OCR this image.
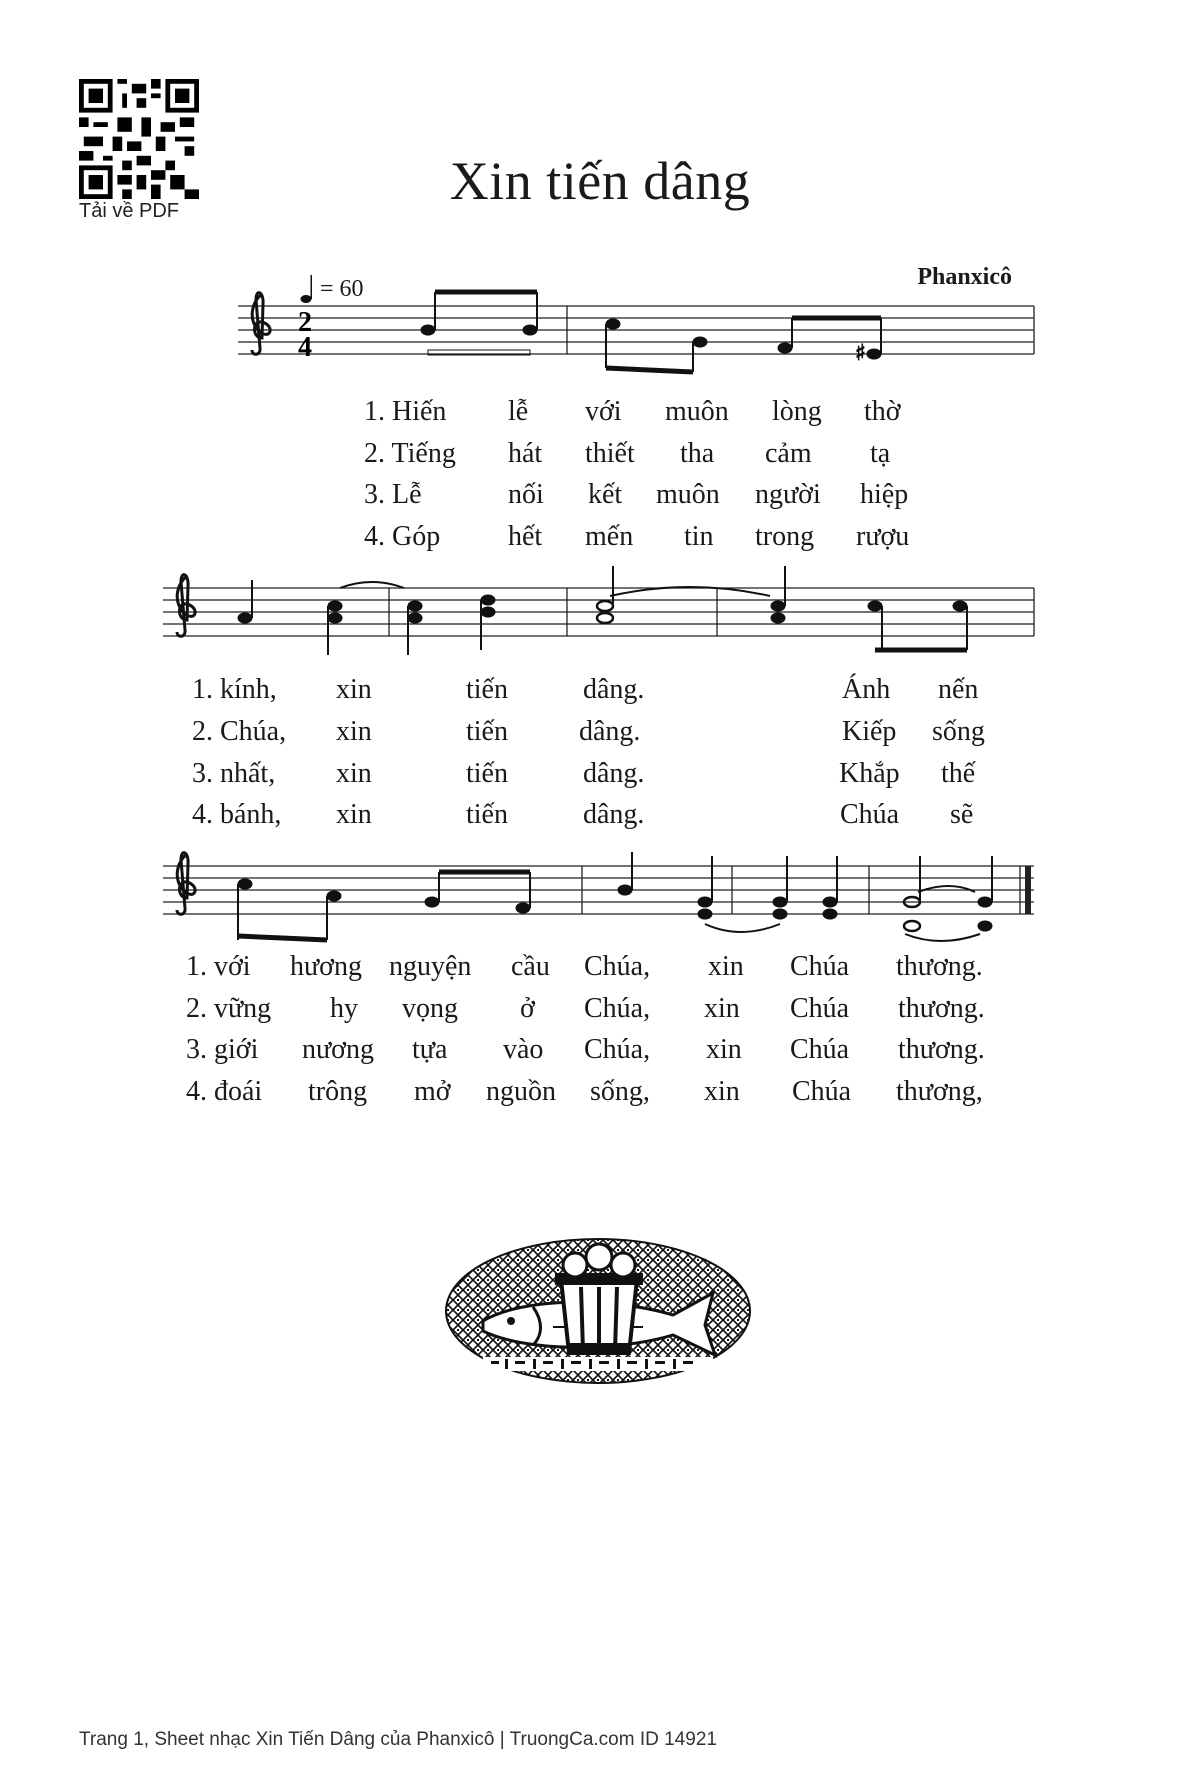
Tải về PDF	Xin tiến dâng
Phanxicô
= 60
2
4	♯
1. Hiến lễ với muôn lòng thờ
2. Tiếng hát thiết tha cảm tạ
3. Lễ	nối kết muôn người hiệp
4. Góp hết mến tin trong rượu
1. kính, xin	tiến	dâng.	Ánh nến
2. Chúa, xin	tiến	dâng.	Kiếp sống
3. nhất, xin	tiến	dâng.	Khắp thế
4. bánh, xin	tiến	dâng.	Chúa sẽ
1. với hương nguyện cầu Chúa, xin Chúa thương.
2. vững hy vọng ở Chúa, xin Chúa thương.
3. giới nương tựa vào Chúa, xin Chúa thương.
4. đoái trông mở nguồn sống, xin Chúa thương,
Trang 1, Sheet nhạc Xin Tiến Dâng của Phanxicô | TruongCa.com ID 14921
